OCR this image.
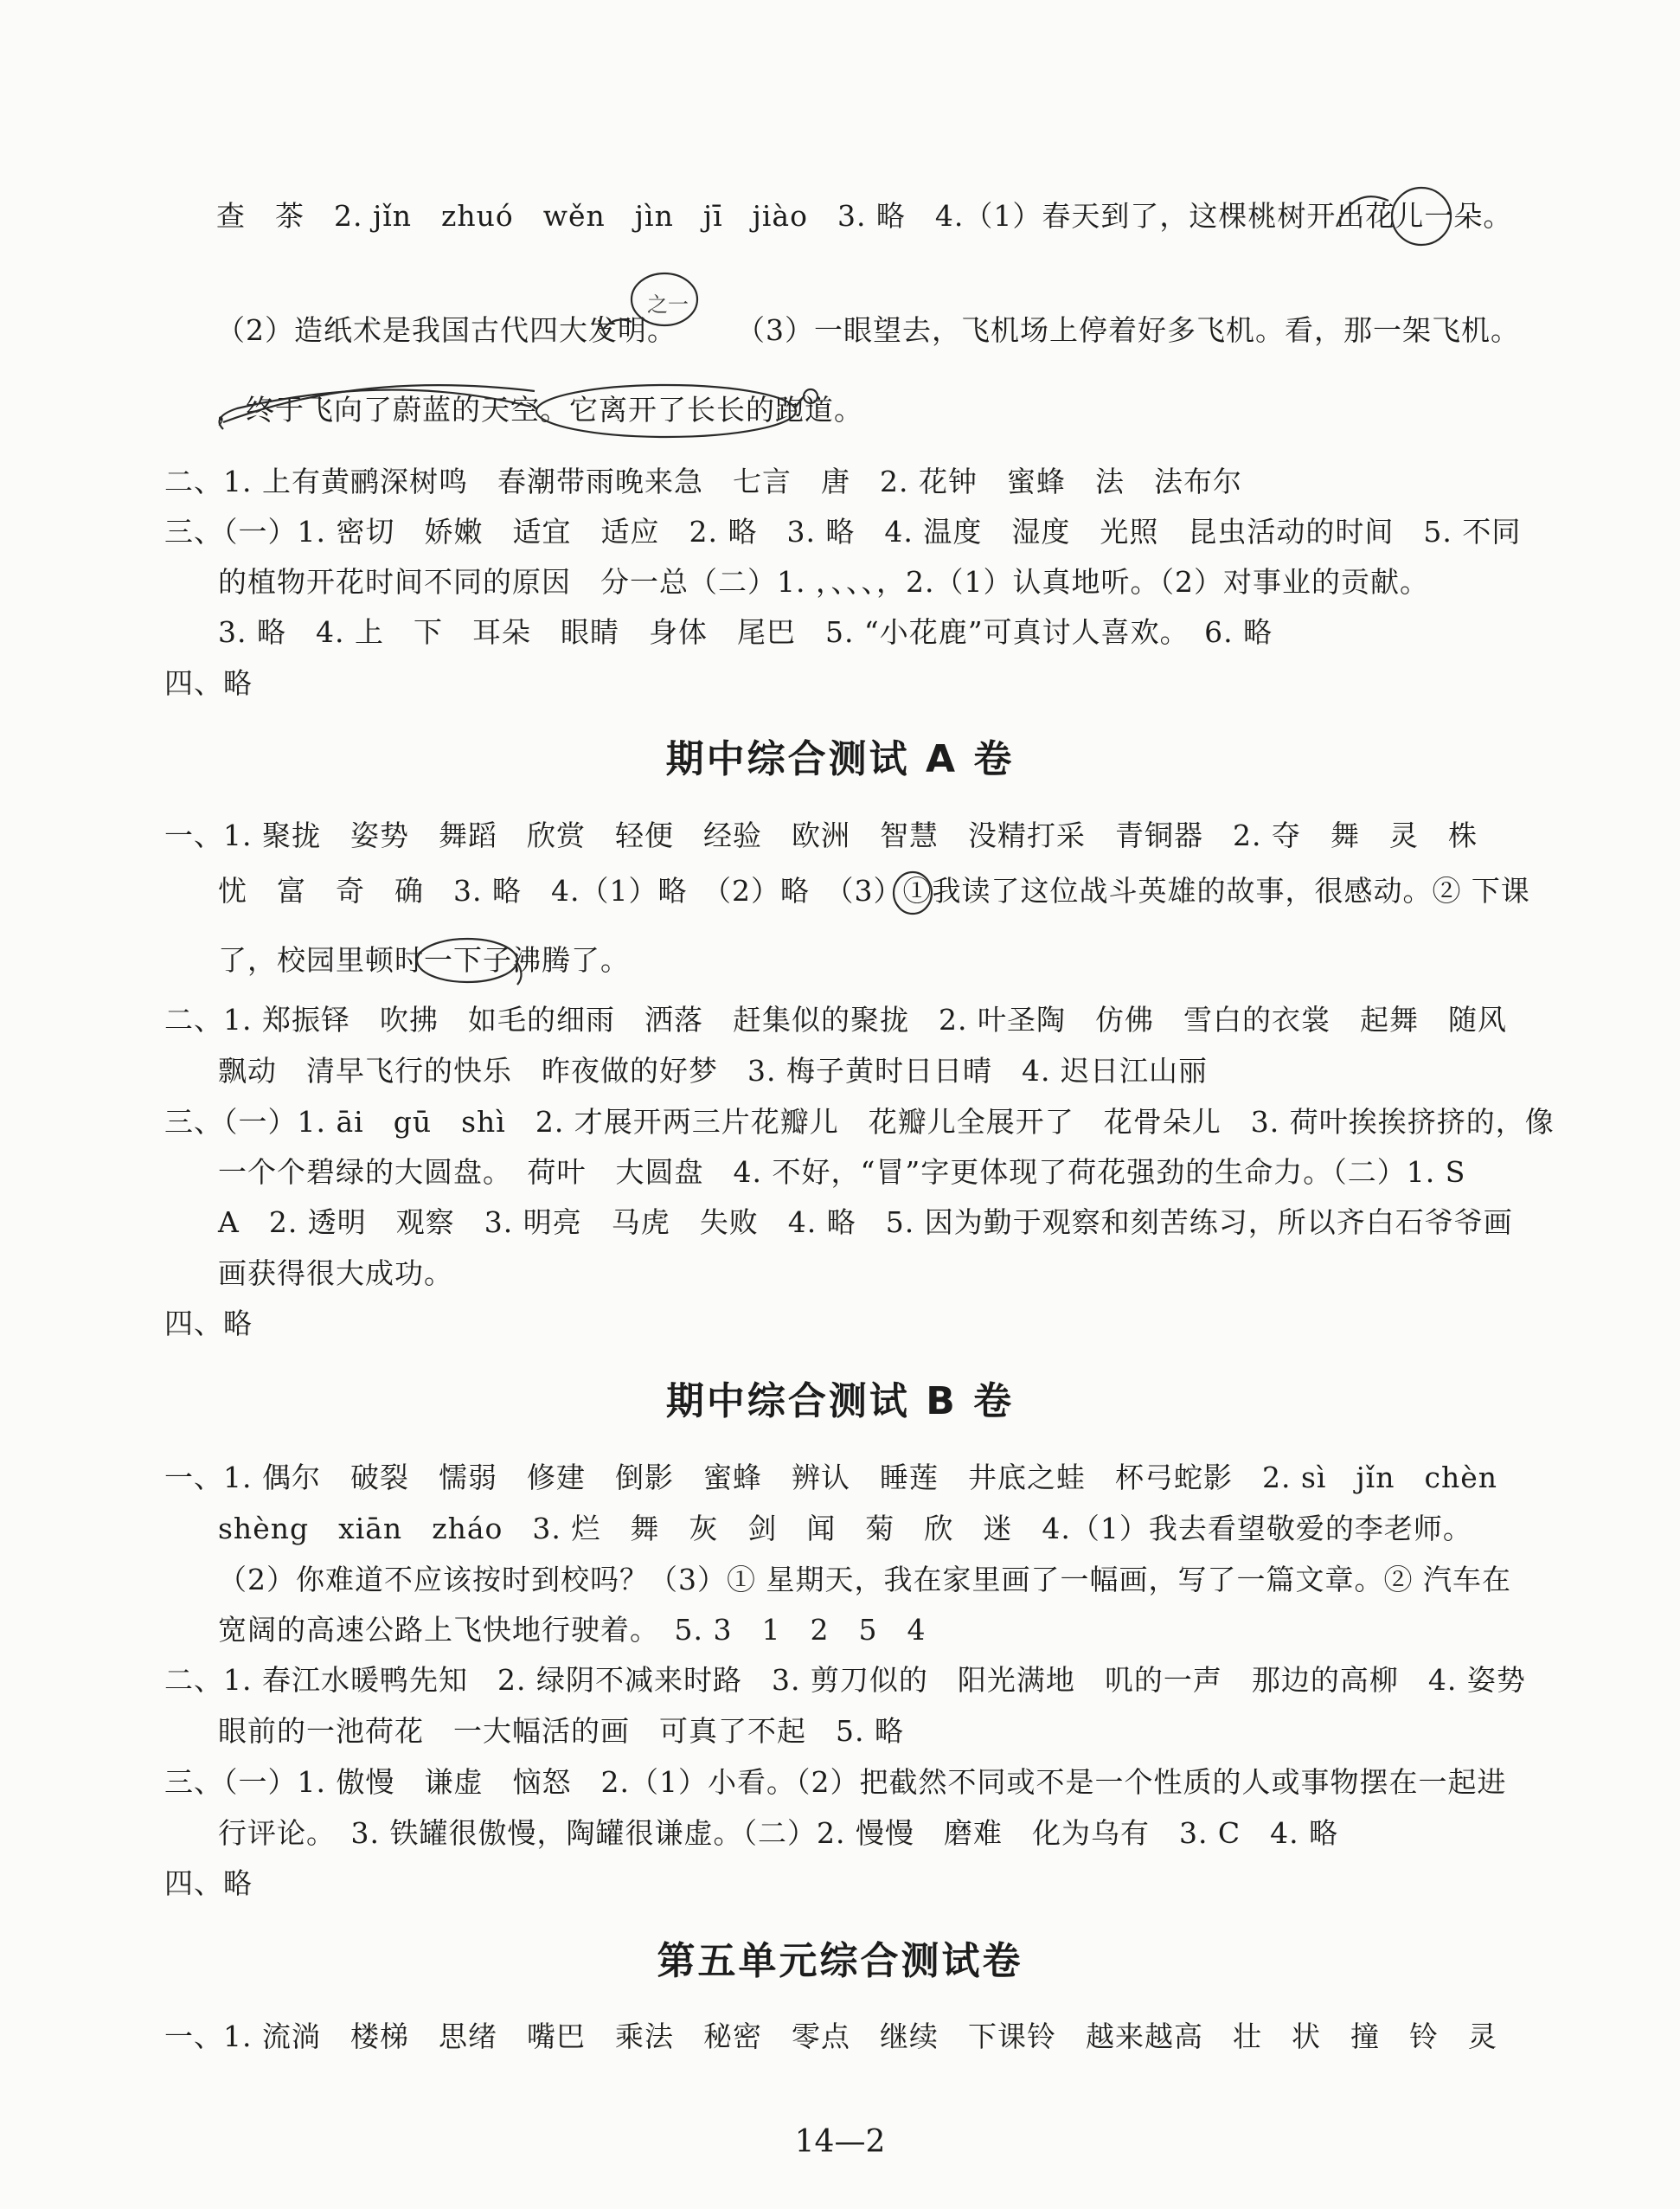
查　茶　2. jǐn　zhuó　wěn　jìn　jī　jiào　3. 略　4.（1）春天到了，这棵桃树开出花儿一朵。
（2）造纸术是我国古代四大发明。　　　（3）一眼望去，飞机场上停着好多飞机。看，那一架飞机。
，终于飞向了蔚蓝的天空。它离开了长长的跑道。
二、1. 上有黄鹂深树鸣　春潮带雨晚来急　七言　唐　2. 花钟　蜜蜂　法　法布尔
三、（一）1. 密切　娇嫩　适宜　适应　2. 略　3. 略　4. 温度　湿度　光照　昆虫活动的时间　5. 不同
的植物开花时间不同的原因　分一总（二）1. ，、、、，2.（1）认真地听。（2）对事业的贡献。
3. 略　4. 上　下　耳朵　眼睛　身体　尾巴　5. “小花鹿”可真讨人喜欢。　6. 略
四、略
期中综合测试 A 卷
一、1. 聚拢　姿势　舞蹈　欣赏　轻便　经验　欧洲　智慧　没精打采　青铜器　2. 夺　舞　灵　株
忧　富　奇　确　3. 略　4.（1）略　（2）略　（3）①我读了这位战斗英雄的故事，很感动。② 下课
了，校园里顿时一下子沸腾了。
二、1. 郑振铎　吹拂　如毛的细雨　洒落　赶集似的聚拢　2. 叶圣陶　仿佛　雪白的衣裳　起舞　随风
飘动　清早飞行的快乐　昨夜做的好梦　3. 梅子黄时日日晴　4. 迟日江山丽
三、（一）1. āi　gū　shì　2. 才展开两三片花瓣儿　花瓣儿全展开了　花骨朵儿　3. 荷叶挨挨挤挤的，像
一个个碧绿的大圆盘。　荷叶　大圆盘　4. 不好，“冒”字更体现了荷花强劲的生命力。（二）1. S
A　2. 透明　观察　3. 明亮　马虎　失败　4. 略　5. 因为勤于观察和刻苦练习，所以齐白石爷爷画
画获得很大成功。
四、略
期中综合测试 B 卷
一、1. 偶尔　破裂　懦弱　修建　倒影　蜜蜂　辨认　睡莲　井底之蛙　杯弓蛇影　2. sì　jǐn　chèn
shèng　xiān　zháo　3. 烂　舞　灰　剑　闻　菊　欣　迷　4.（1）我去看望敬爱的李老师。
（2）你难道不应该按时到校吗？（3）① 星期天，我在家里画了一幅画，写了一篇文章。② 汽车在
宽阔的高速公路上飞快地行驶着。　5. 3　1　2　5　4
二、1. 春江水暖鸭先知　2. 绿阴不减来时路　3. 剪刀似的　阳光满地　叽的一声　那边的高柳　4. 姿势
眼前的一池荷花　一大幅活的画　可真了不起　5. 略
三、（一）1. 傲慢　谦虚　恼怒　2.（1）小看。（2）把截然不同或不是一个性质的人或事物摆在一起进
行评论。　3. 铁罐很傲慢，陶罐很谦虚。（二）2. 慢慢　磨难　化为乌有　3. C　4. 略
四、略
第五单元综合测试卷
一、1. 流淌　楼梯　思绪　嘴巴　乘法　秘密　零点　继续　下课铃　越来越高　壮　状　撞　铃　灵
14—2
之一
